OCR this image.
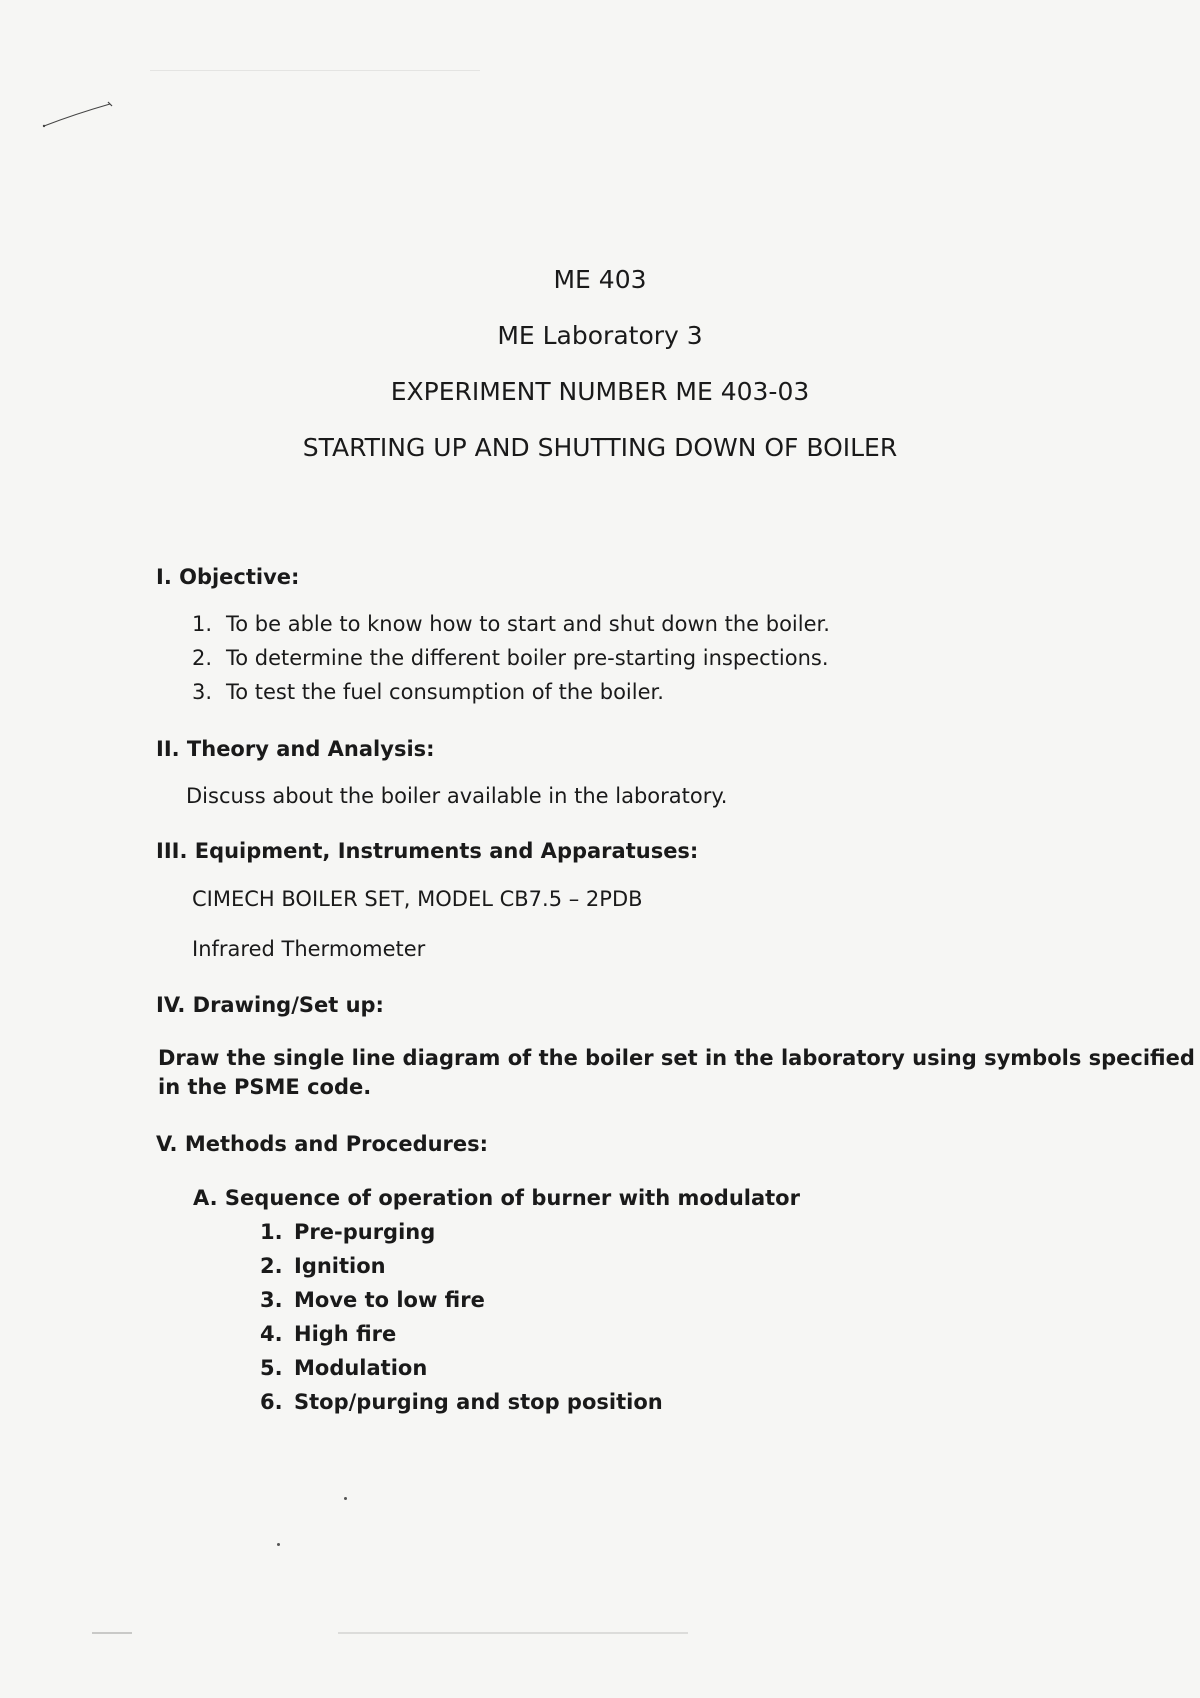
ME 403
ME Laboratory 3
EXPERIMENT NUMBER ME 403-03
STARTING UP AND SHUTTING DOWN OF BOILER
I. Objective:
1. To be able to know how to start and shut down the boiler.
2. To determine the different boiler pre-starting inspections.
3. To test the fuel consumption of the boiler.
II. Theory and Analysis:
Discuss about the boiler available in the laboratory.
III. Equipment, Instruments and Apparatuses:
CIMECH BOILER SET, MODEL CB7.5 – 2PDB
Infrared Thermometer
IV. Drawing/Set up:
Draw the single line diagram of the boiler set in the laboratory using symbols specified
in the PSME code.
V. Methods and Procedures:
A. Sequence of operation of burner with modulator
1. Pre-purging
2. Ignition
3. Move to low fire
4. High fire
5. Modulation
6. Stop/purging and stop position
